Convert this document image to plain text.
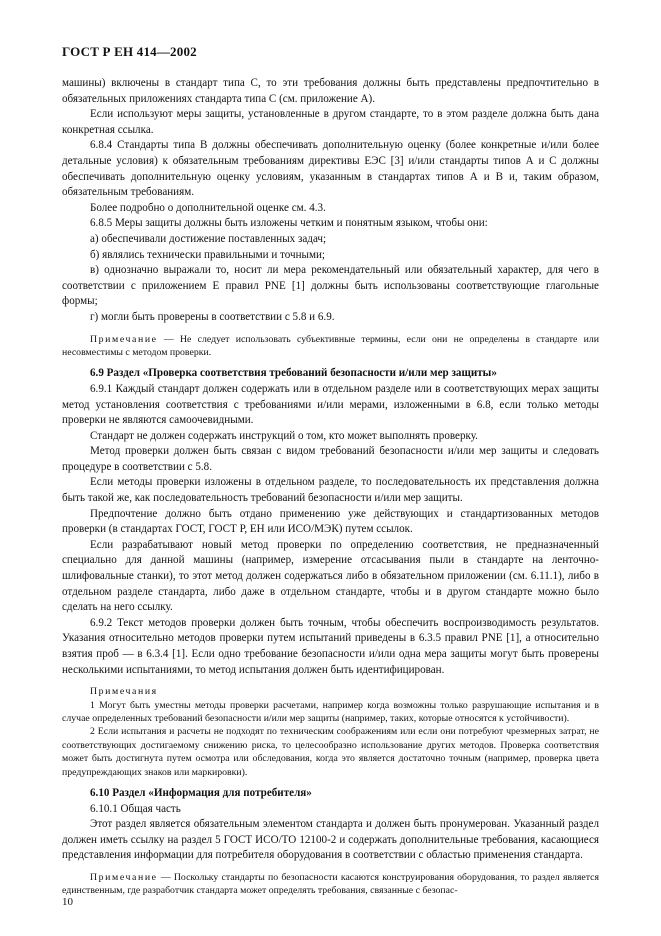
ГОСТ Р ЕН 414—2002

машины) включены в стандарт типа С, то эти требования должны быть представлены предпочтительно в обязательных приложениях стандарта типа С (см. приложение А).

Если используют меры защиты, установленные в другом стандарте, то в этом разделе должна быть дана конкретная ссылка.

6.8.4 Стандарты типа В должны обеспечивать дополнительную оценку (более конкретные и/или более детальные условия) к обязательным требованиям директивы ЕЭС [3] и/или стандарты типов А и С должны обеспечивать дополнительную оценку условиям, указанным в стандартах типов А и В и, таким образом, обязательным требованиям.

Более подробно о дополнительной оценке см. 4.3.

6.8.5 Меры защиты должны быть изложены четким и понятным языком, чтобы они:

а) обеспечивали достижение поставленных задач;

б) являлись технически правильными и точными;

в) однозначно выражали то, носит ли мера рекомендательный или обязательный характер, для чего в соответствии с приложением Е правил PNE [1] должны быть использованы соответствующие глагольные формы;

г) могли быть проверены в соответствии с 5.8 и 6.9.

Примечание — Не следует использовать субъективные термины, если они не определены в стандарте или несовместимы с методом проверки.

6.9 Раздел «Проверка соответствия требований безопасности и/или мер защиты»

6.9.1 Каждый стандарт должен содержать или в отдельном разделе или в соответствующих мерах защиты метод установления соответствия с требованиями и/или мерами, изложенными в 6.8, если только методы проверки не являются самоочевидными.

Стандарт не должен содержать инструкций о том, кто может выполнять проверку.

Метод проверки должен быть связан с видом требований безопасности и/или мер защиты и следовать процедуре в соответствии с 5.8.

Если методы проверки изложены в отдельном разделе, то последовательность их представления должна быть такой же, как последовательность требований безопасности и/или мер защиты.

Предпочтение должно быть отдано применению уже действующих и стандартизованных методов проверки (в стандартах ГОСТ, ГОСТ Р, ЕН или ИСО/МЭК) путем ссылок.

Если разрабатывают новый метод проверки по определению соответствия, не предназначенный специально для данной машины (например, измерение отсасывания пыли в стандарте на ленточно-шлифовальные станки), то этот метод должен содержаться либо в обязательном приложении (см. 6.11.1), либо в отдельном разделе стандарта, либо даже в отдельном стандарте, чтобы и в другом стандарте можно было сделать на него ссылку.

6.9.2 Текст методов проверки должен быть точным, чтобы обеспечить воспроизводимость результатов. Указания относительно методов проверки путем испытаний приведены в 6.3.5 правил PNE [1], а относительно взятия проб — в 6.3.4 [1]. Если одно требование безопасности и/или одна мера защиты могут быть проверены несколькими испытаниями, то метод испытания должен быть идентифицирован.

Примечания

1 Могут быть уместны методы проверки расчетами, например когда возможны только разрушающие испытания и в случае определенных требований безопасности и/или мер защиты (например, таких, которые относятся к устойчивости).

2 Если испытания и расчеты не подходят по техническим соображениям или если они потребуют чрезмерных затрат, не соответствующих достигаемому снижению риска, то целесообразно использование других методов. Проверка соответствия может быть достигнута путем осмотра или обследования, когда это является достаточно точным (например, проверка цвета предупреждающих знаков или маркировки).

6.10 Раздел «Информация для потребителя»

6.10.1 Общая часть

Этот раздел является обязательным элементом стандарта и должен быть пронумерован. Указанный раздел должен иметь ссылку на раздел 5 ГОСТ ИСО/ТО 12100-2 и содержать дополнительные требования, касающиеся представления информации для потребителя оборудования в соответствии с областью применения стандарта.

Примечание — Поскольку стандарты по безопасности касаются конструирования оборудования, то раздел является единственным, где разработчик стандарта может определять требования, связанные с безопас-

10
